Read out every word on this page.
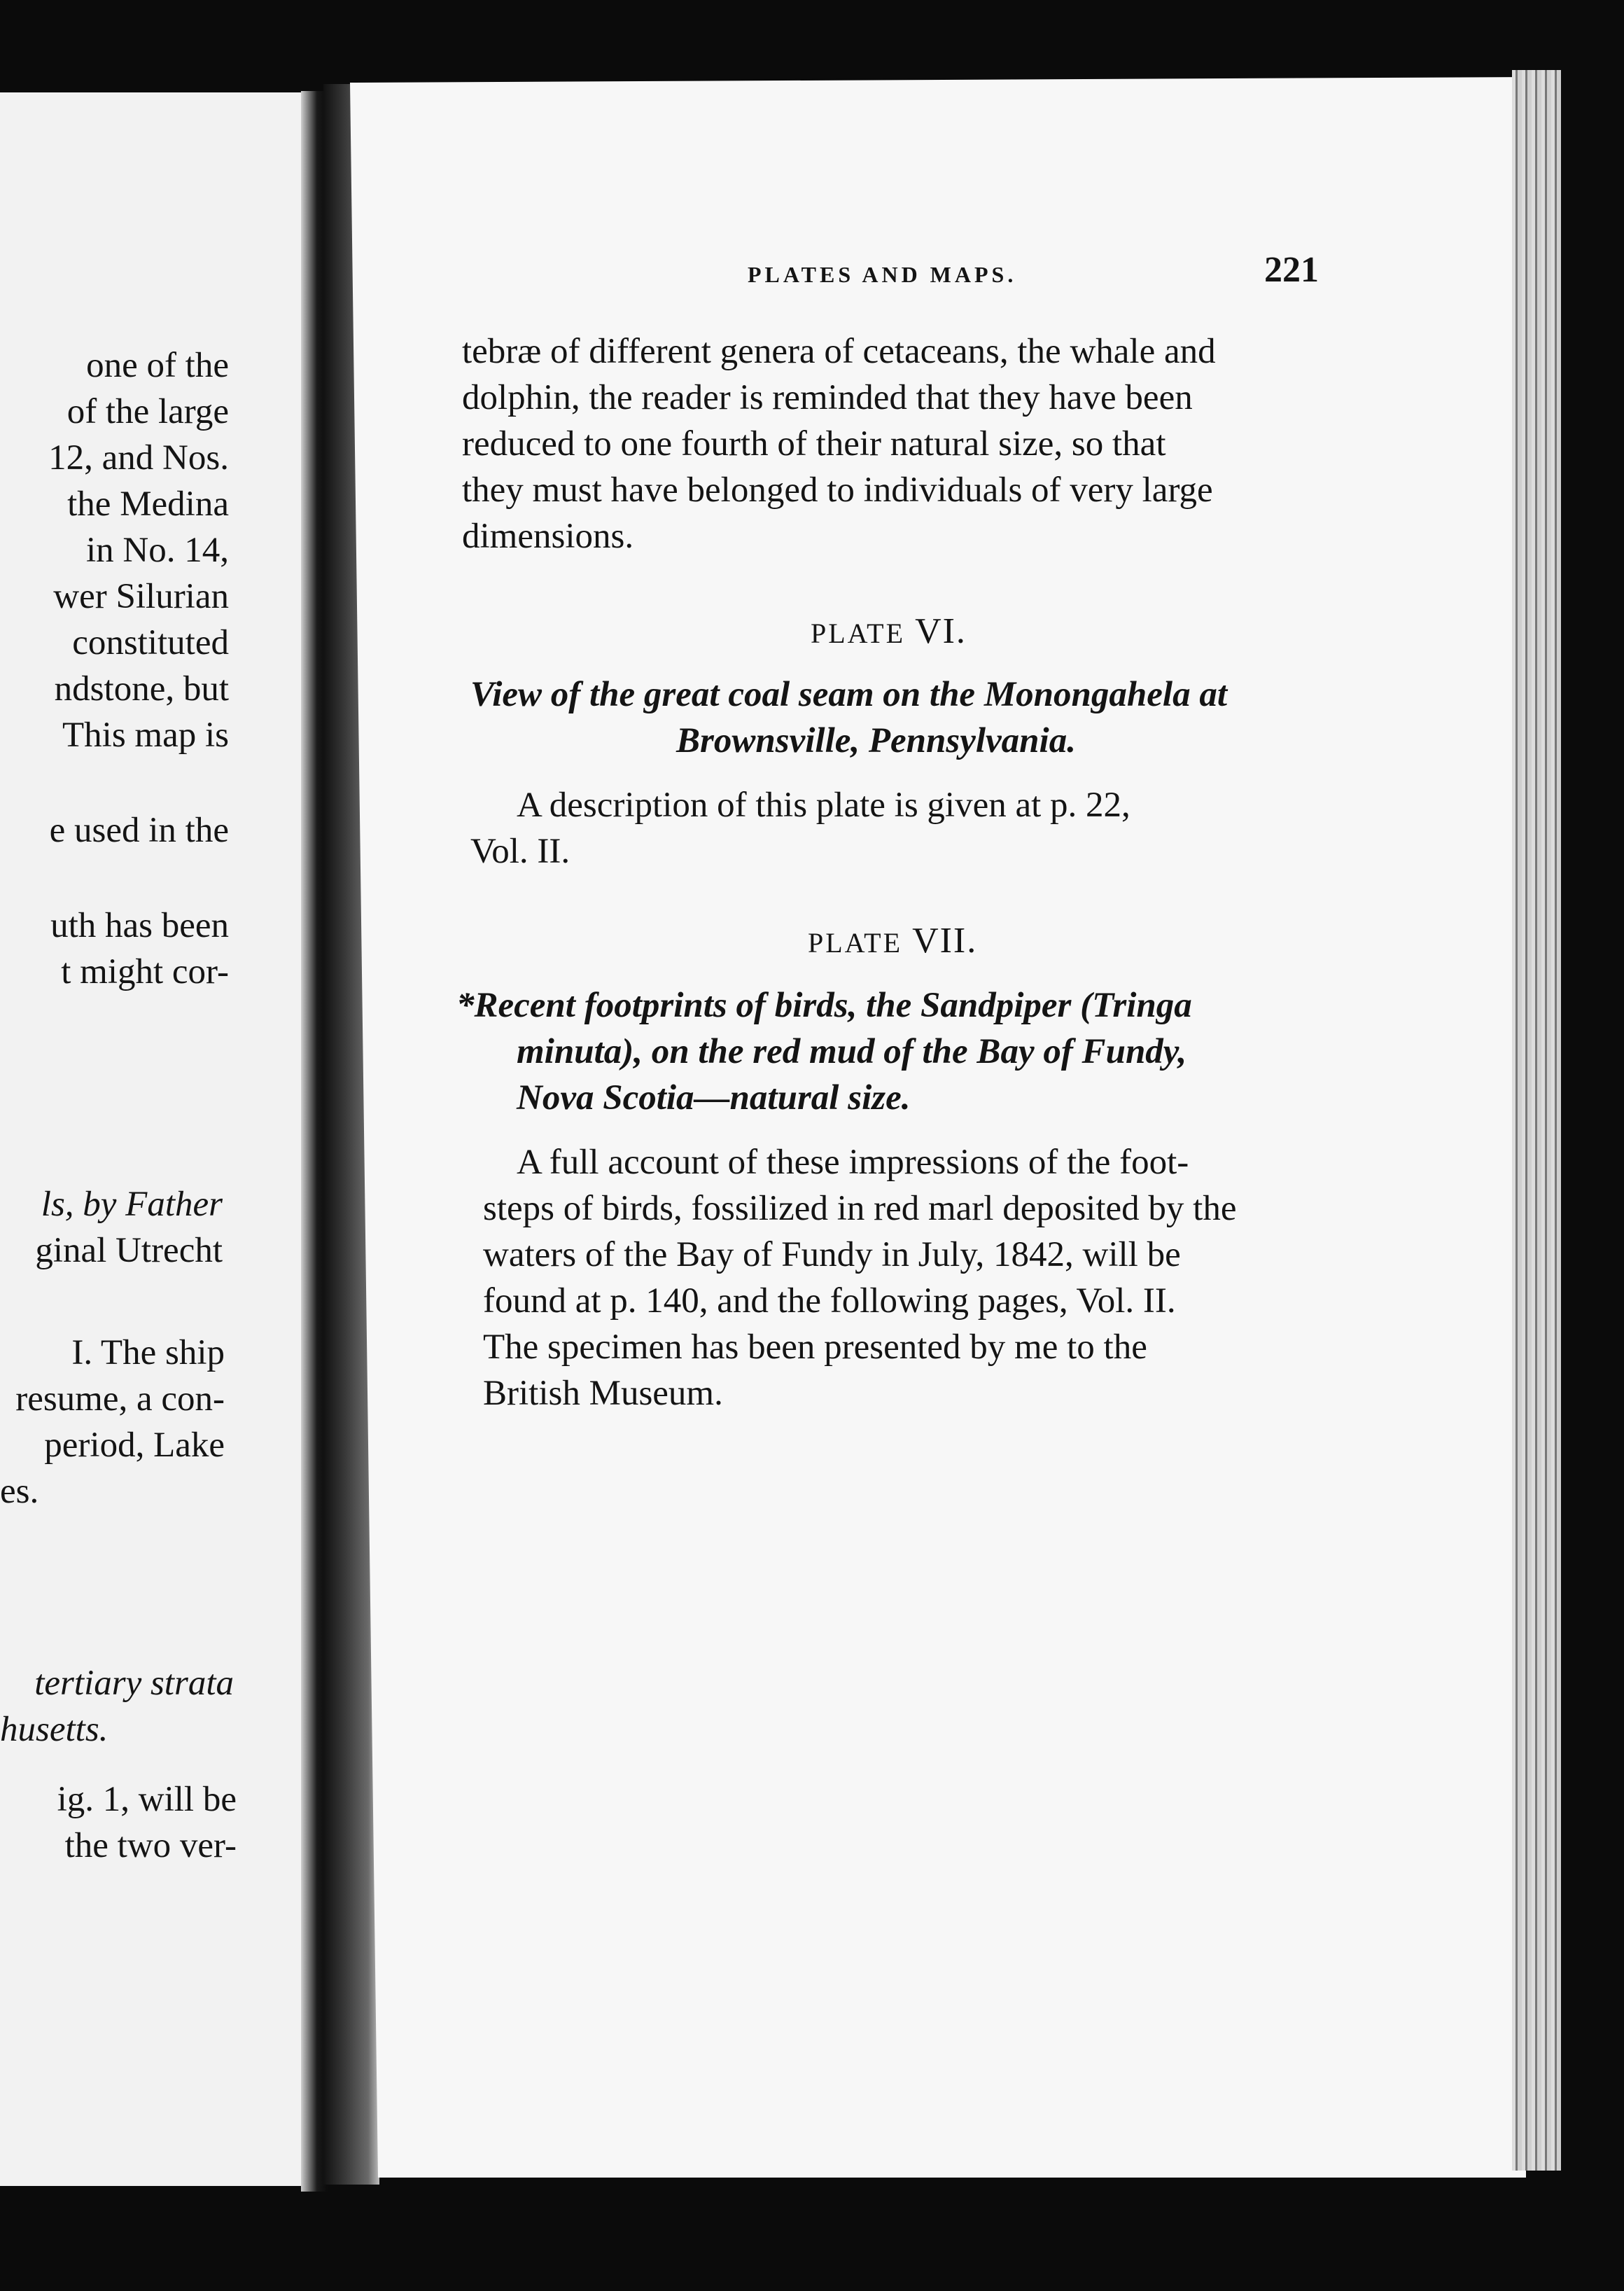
one of the
of the large
12, and Nos.
the Medina
in No. 14,
wer Silurian
constituted
ndstone, but
This map is
e used in the
uth has been
t might cor-
ls, by Father
ginal Utrecht
I. The ship
resume, a con-
period, Lake
es.
tertiary strata
husetts.
ig. 1, will be
the two ver-
PLATES AND MAPS.	221
tebræ of different genera of cetaceans, the whale and
dolphin, the reader is reminded that they have been
reduced to one fourth of their natural size, so that
they must have belonged to individuals of very large
dimensions.
PLATE VI.
View of the great coal seam on the Monongahela at
Brownsville, Pennsylvania.
A description of this plate is given at p. 22,
Vol. II.
PLATE VII.
*Recent footprints of birds, the Sandpiper (Tringa
minuta), on the red mud of the Bay of Fundy,
Nova Scotia—natural size.
A full account of these impressions of the foot-
steps of birds, fossilized in red marl deposited by the
waters of the Bay of Fundy in July, 1842, will be
found at p. 140, and the following pages, Vol. II.
The specimen has been presented by me to the
British Museum.
